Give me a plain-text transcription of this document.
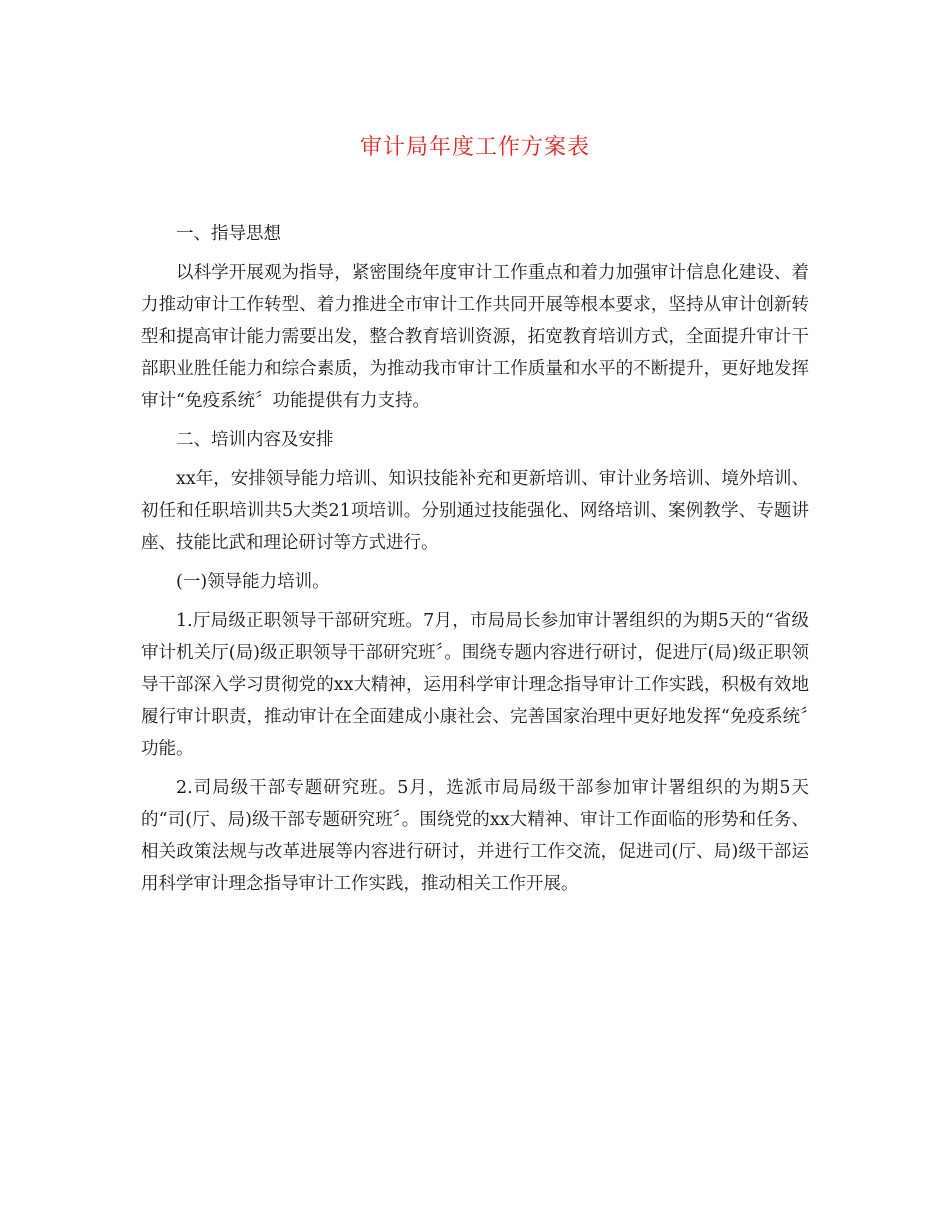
审计局年度工作方案表

一、指导思想

以科学开展观为指导，紧密围绕年度审计工作重点和着力加强审计信息化建设、着力推动审计工作转型、着力推进全市审计工作共同开展等根本要求，坚持从审计创新转型和提高审计能力需要出发，整合教育培训资源，拓宽教育培训方式，全面提升审计干部职业胜任能力和综合素质，为推动我市审计工作质量和水平的不断提升，更好地发挥审计“免疫系统〞功能提供有力支持。

二、培训内容及安排

xx年，安排领导能力培训、知识技能补充和更新培训、审计业务培训、境外培训、初任和任职培训共5大类21项培训。分别通过技能强化、网络培训、案例教学、专题讲座、技能比武和理论研讨等方式进行。

(一)领导能力培训。

1.厅局级正职领导干部研究班。7月，市局局长参加审计署组织的为期5天的“省级审计机关厅(局)级正职领导干部研究班〞。围绕专题内容进行研讨，促进厅(局)级正职领导干部深入学习贯彻党的xx大精神，运用科学审计理念指导审计工作实践，积极有效地履行审计职责，推动审计在全面建成小康社会、完善国家治理中更好地发挥“免疫系统〞功能。

2.司局级干部专题研究班。5月，选派市局局级干部参加审计署组织的为期5天的“司(厅、局)级干部专题研究班〞。围绕党的xx大精神、审计工作面临的形势和任务、相关政策法规与改革进展等内容进行研讨，并进行工作交流，促进司(厅、局)级干部运用科学审计理念指导审计工作实践，推动相关工作开展。
